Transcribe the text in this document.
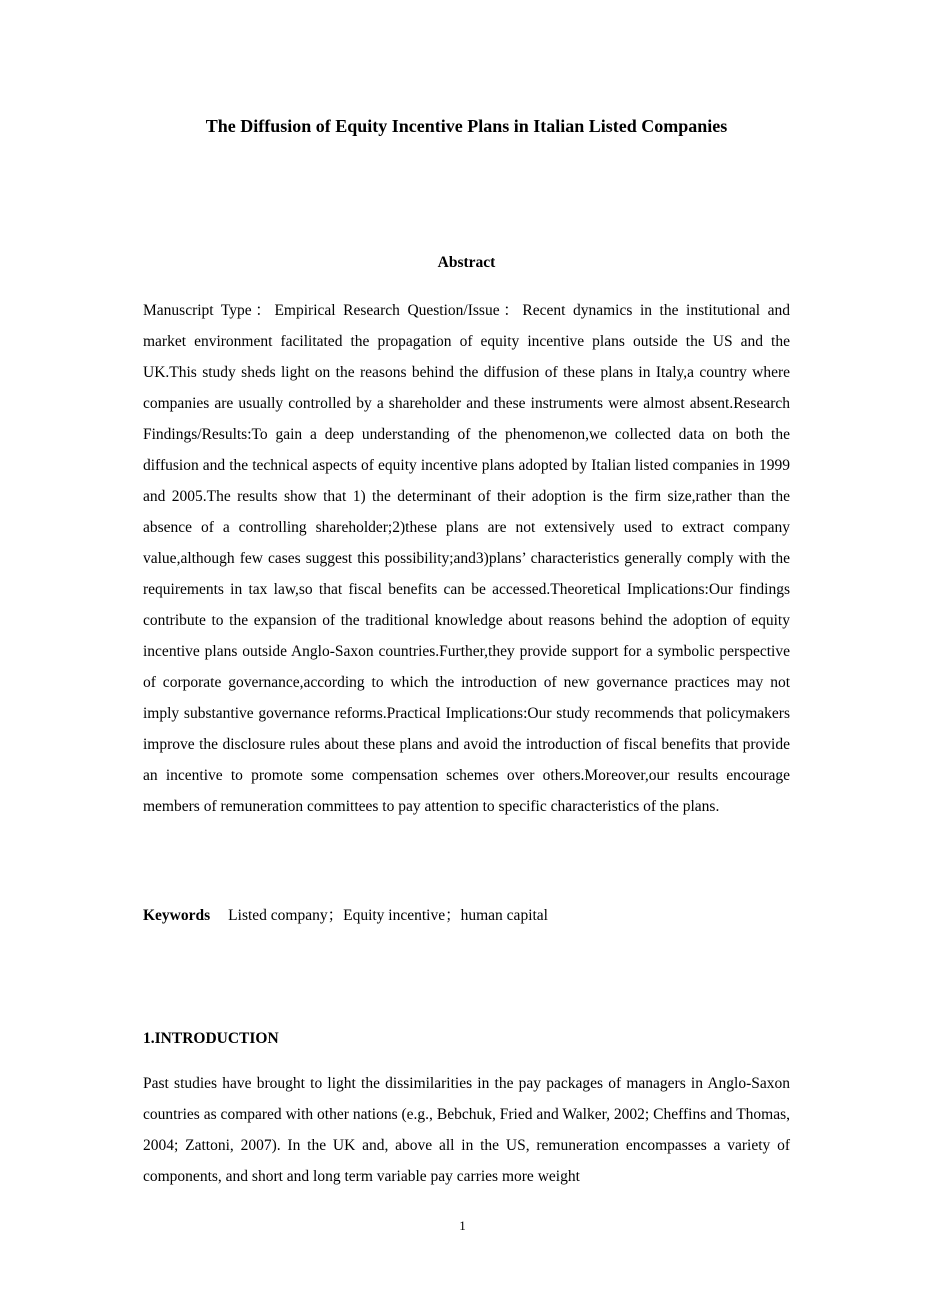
The Diffusion of Equity Incentive Plans in Italian Listed Companies
Abstract

Manuscript Type：Empirical Research Question/Issue：Recent dynamics in the institutional and market environment facilitated the propagation of equity incentive plans outside the US and the UK.This study sheds light on the reasons behind the diffusion of these plans in Italy,a country where companies are usually controlled by a shareholder and these instruments were almost absent.Research Findings/Results:To gain a deep understanding of the phenomenon,we collected data on both the diffusion and the technical aspects of equity incentive plans adopted by Italian listed companies in 1999 and 2005.The results show that 1) the determinant of their adoption is the firm size,rather than the absence of a controlling shareholder;2)these plans are not extensively used to extract company value,although few cases suggest this possibility;and3)plans’ characteristics generally comply with the requirements in tax law,so that fiscal benefits can be accessed.Theoretical Implications:Our findings contribute to the expansion of the traditional knowledge about reasons behind the adoption of equity incentive plans outside Anglo-Saxon countries.Further,they provide support for a symbolic perspective of corporate governance,according to which the introduction of new governance practices may not imply substantive governance reforms.Practical Implications:Our study recommends that policymakers improve the disclosure rules about these plans and avoid the introduction of fiscal benefits that provide an incentive to promote some compensation schemes over others.Moreover,our results encourage members of remuneration committees to pay attention to specific characteristics of the plans.

Keywords Listed company；Equity incentive；human capital

1.INTRODUCTION

Past studies have brought to light the dissimilarities in the pay packages of managers in Anglo-Saxon countries as compared with other nations (e.g., Bebchuk, Fried and Walker, 2002; Cheffins and Thomas, 2004; Zattoni, 2007). In the UK and, above all in the US, remuneration encompasses a variety of components, and short and long term variable pay carries more weight

1
